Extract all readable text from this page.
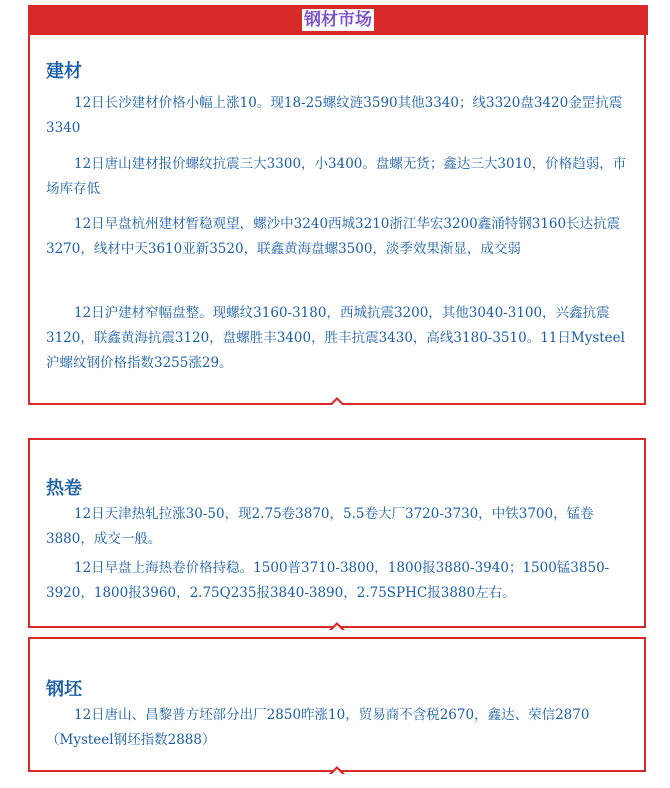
钢材市场
建材

12日长沙建材价格小幅上涨10。现18-25螺纹涟3590其他3340；线3320盘3420金罡抗震3340

12日唐山建材报价螺纹抗震三大3300，小3400。盘螺无货；鑫达三大3010，价格趋弱，市场库存低

12日早盘杭州建材暂稳观望，螺沙中3240西城3210浙江华宏3200鑫涌特钢3160长达抗震3270，线材中天3610亚新3520，联鑫黄海盘螺3500，淡季效果渐显，成交弱

12日沪建材窄幅盘整。现螺纹3160-3180，西城抗震3200，其他3040-3100，兴鑫抗震3120，联鑫黄海抗震3120，盘螺胜丰3400，胜丰抗震3430，高线3180-3510。11日Mysteel沪螺纹钢价格指数3255涨29。

热卷

12日天津热轧拉涨30-50，现2.75卷3870，5.5卷大厂3720-3730，中铁3700，锰卷3880，成交一般。

12日早盘上海热卷价格持稳。1500普3710-3800，1800报3880-3940；1500锰3850-3920，1800报3960，2.75Q235报3840-3890，2.75SPHC报3880左右。

钢坯

12日唐山、昌黎普方坯部分出厂2850昨涨10，贸易商不含税2670，鑫达、荣信2870（Mysteel钢坯指数2888）
